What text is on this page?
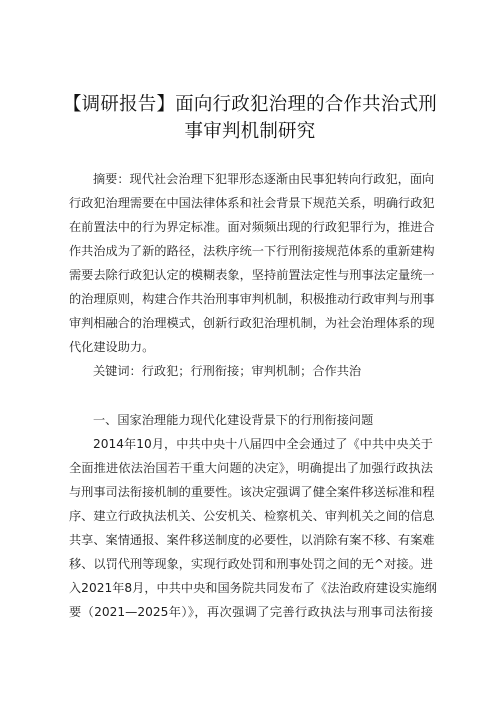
【调研报告】面向行政犯治理的合作共治式刑
事审判机制研究
摘要：现代社会治理下犯罪形态逐渐由民事犯转向行政犯，面向
行政犯治理需要在中国法律体系和社会背景下规范关系，明确行政犯
在前置法中的行为界定标准。面对频频出现的行政犯罪行为，推进合
作共治成为了新的路径，法秩序统一下行刑衔接规范体系的重新建构
需要去除行政犯认定的模糊表象，坚持前置法定性与刑事法定量统一
的治理原则，构建合作共治刑事审判机制，积极推动行政审判与刑事
审判相融合的治理模式，创新行政犯治理机制，为社会治理体系的现
代化建设助力。
关键词：行政犯；行刑衔接；审判机制；合作共治
一、国家治理能力现代化建设背景下的行刑衔接问题
2014年10月，中共中央十八届四中全会通过了《中共中央关于
全面推进依法治国若干重大问题的决定》，明确提出了加强行政执法
与刑事司法衔接机制的重要性。该决定强调了健全案件移送标准和程
序、建立行政执法机关、公安机关、检察机关、审判机关之间的信息
共享、案情通报、案件移送制度的必要性，以消除有案不移、有案难
移、以罚代刑等现象，实现行政处罚和刑事处罚之间的无^对接。进
入2021年8月，中共中央和国务院共同发布了《法治政府建设实施纲
要（2021—2025年）》，再次强调了完善行政执法与刑事司法衔接
